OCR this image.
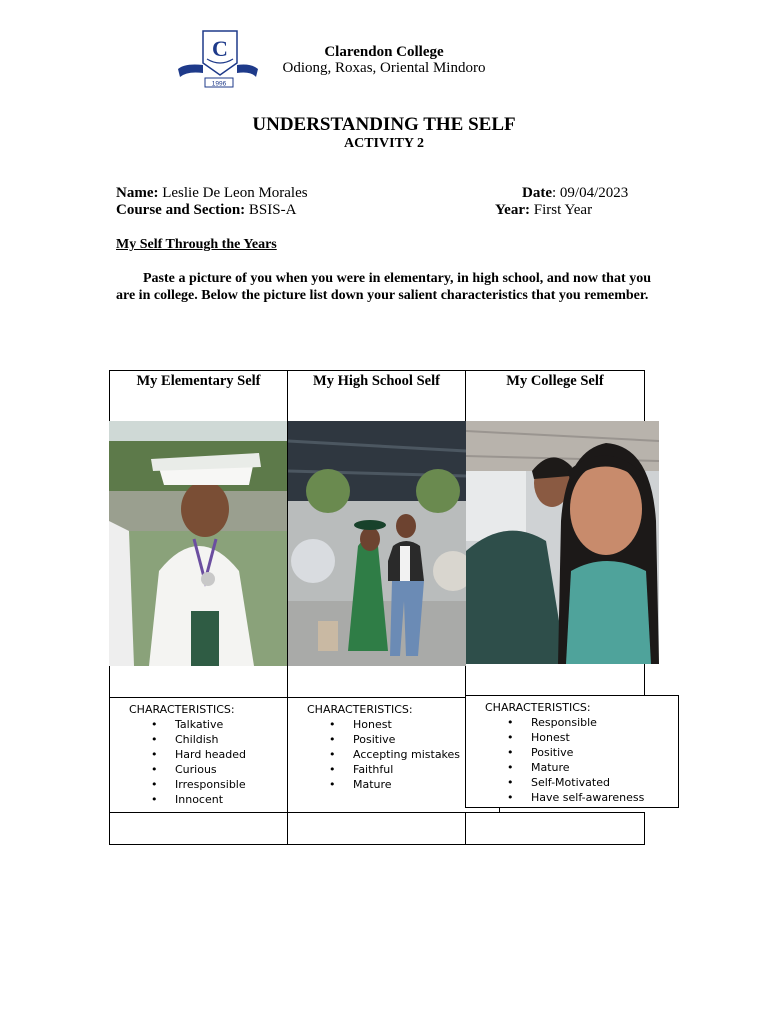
C
1996
Clarendon College
Odiong, Roxas, Oriental Mindoro
UNDERSTANDING THE SELF
ACTIVITY 2
Name: Leslie De Leon Morales	Date: 09/04/2023
Course and Section: BSIS-A	Year: First Year
My Self Through the Years
Paste a picture of you when you were in elementary, in high school, and now that you are in college. Below the picture list down your salient characteristics that you remember.
My Elementary Self	My High School Self	My College Self
CHARACTERISTICS:
• Talkative
• Childish
• Hard headed
• Curious
• Irresponsible
• Innocent
CHARACTERISTICS:
• Honest
• Positive
• Accepting mistakes
• Faithful
• Mature
CHARACTERISTICS:
• Responsible
• Honest
• Positive
• Mature
• Self-Motivated
• Have self-awareness
